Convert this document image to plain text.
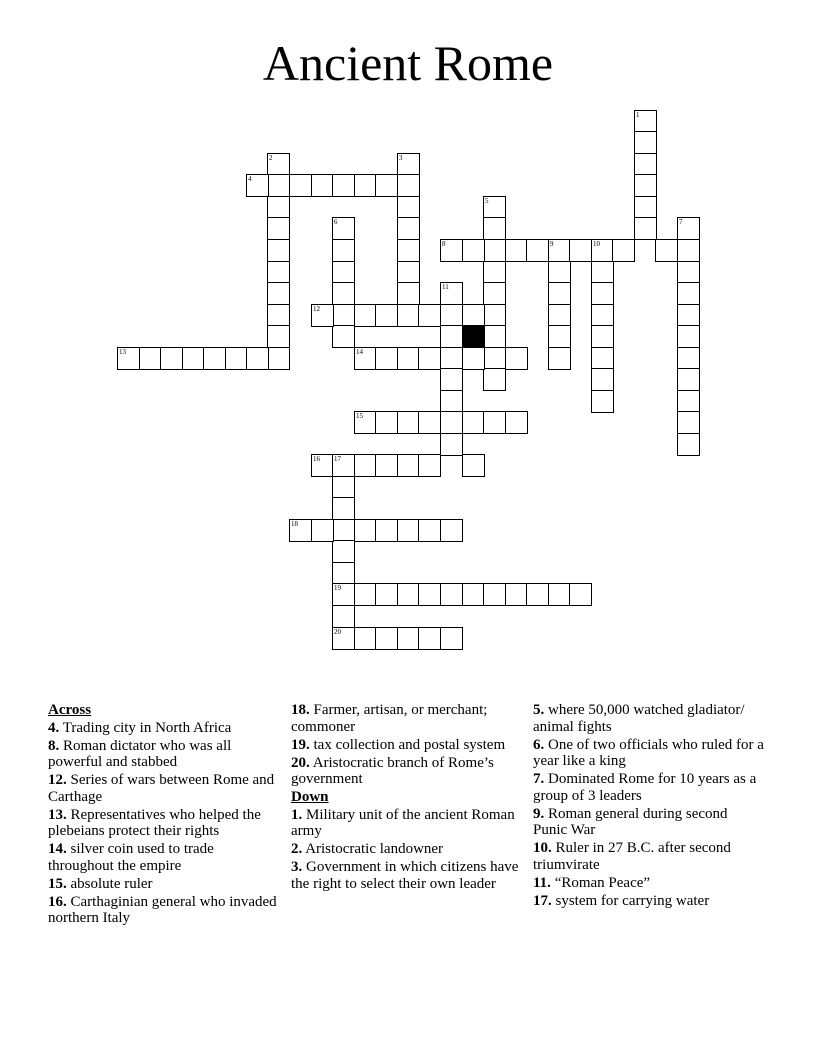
Ancient Rome
1
2	3
4
5
6	7
8	9	10
11
12
13	14
15
16 17
19
20
18
Across
4. Trading city in North Africa
8. Roman dictator who was all powerful and stabbed
12. Series of wars between Rome and Carthage
13. Representatives who helped the plebeians protect their rights
14. silver coin used to trade throughout the empire
15. absolute ruler
16. Carthaginian general who invaded northern Italy
18. Farmer, artisan, or merchant; commoner
19. tax collection and postal system
20. Aristocratic branch of Rome’s government
Down
1. Military unit of the ancient Roman army
2. Aristocratic landowner
3. Government in which citizens have the right to select their own leader
5. where 50,000 watched gladiator/ animal fights
6. One of two officials who ruled for a year like a king
7. Dominated Rome for 10 years as a group of 3 leaders
9. Roman general during second Punic War
10. Ruler in 27 B.C. after second triumvirate
11. “Roman Peace”
17. system for carrying water
